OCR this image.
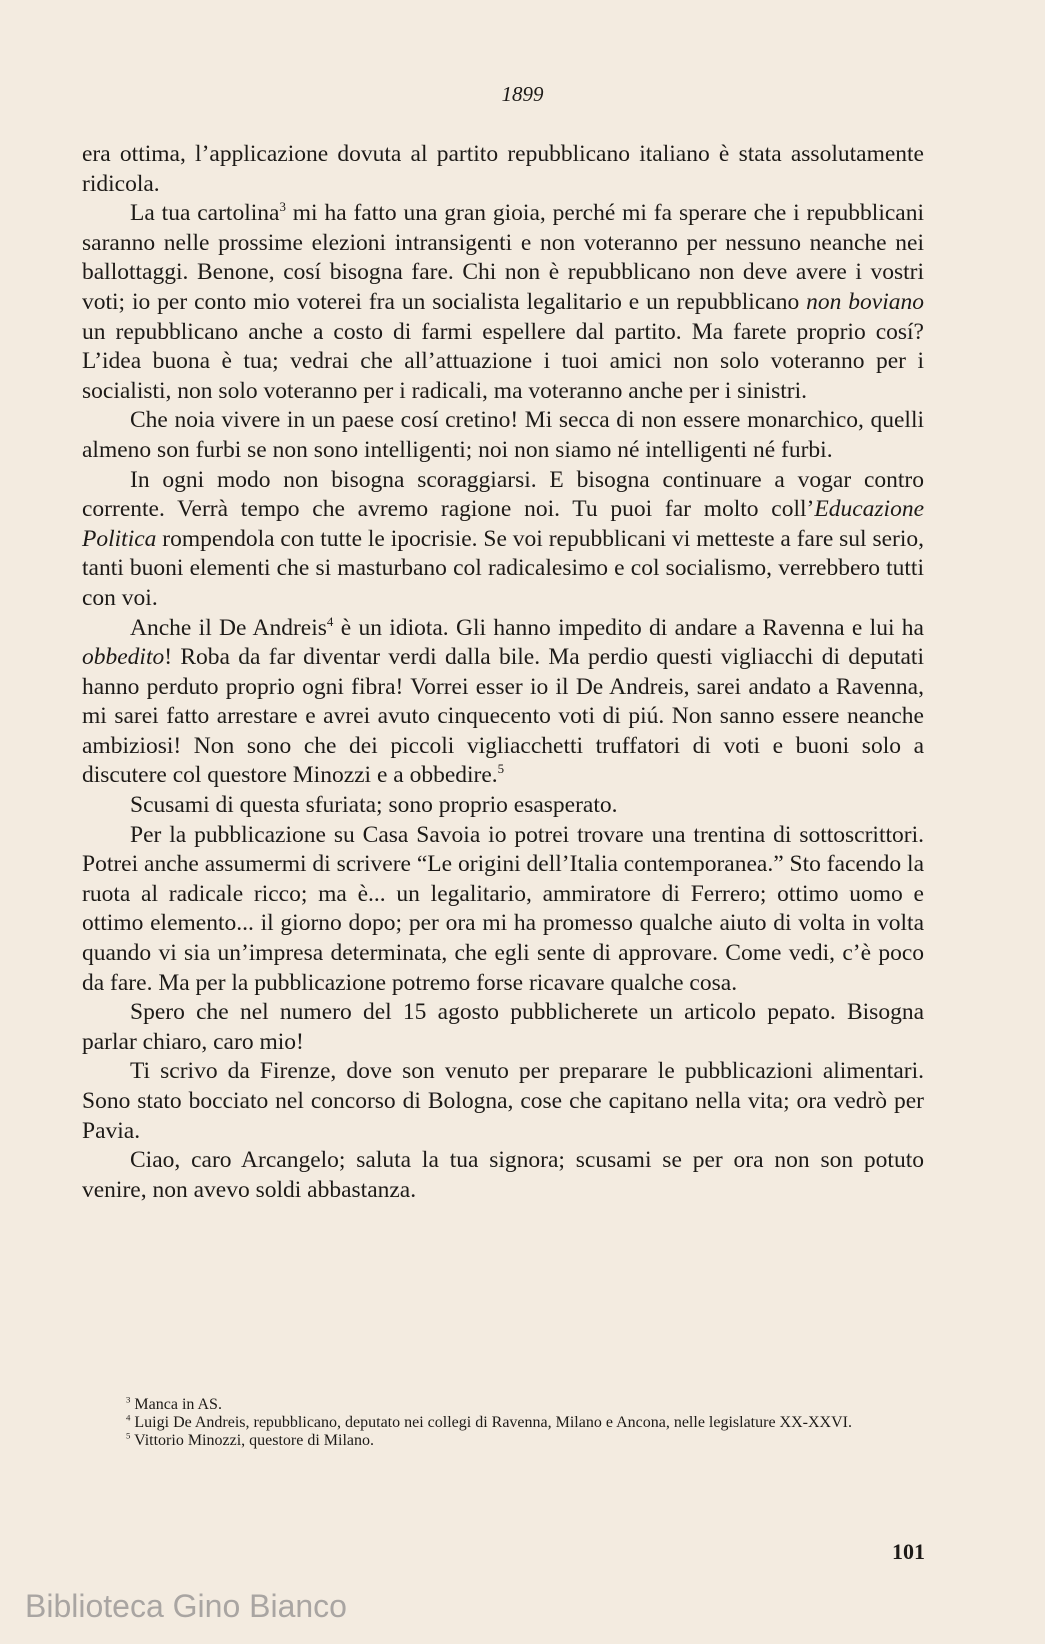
1899

era ottima, l’applicazione dovuta al partito repubblicano italiano è stata assolutamente ridicola.

La tua cartolina$^3$ mi ha fatto una gran gioia, perché mi fa sperare che i repubblicani saranno nelle prossime elezioni intransigenti e non voteranno per nessuno neanche nei ballottaggi. Benone, cosí bisogna fare. Chi non è repubblicano non deve avere i vostri voti; io per conto mio voterei fra un socialista legalitario e un repubblicano non boviano un repubblicano anche a costo di farmi espellere dal partito. Ma farete proprio cosí? L’idea buona è tua; vedrai che all’attuazione i tuoi amici non solo voteranno per i socialisti, non solo voteranno per i radicali, ma voteranno anche per i sinistri.

Che noia vivere in un paese cosí cretino! Mi secca di non essere monarchico, quelli almeno son furbi se non sono intelligenti; noi non siamo né intelligenti né furbi.

In ogni modo non bisogna scoraggiarsi. E bisogna continuare a vogar contro corrente. Verrà tempo che avremo ragione noi. Tu puoi far molto coll’Educazione Politica rompendola con tutte le ipocrisie. Se voi repubblicani vi metteste a fare sul serio, tanti buoni elementi che si masturbano col radicalesimo e col socialismo, verrebbero tutti con voi.

Anche il De Andreis$^4$ è un idiota. Gli hanno impedito di andare a Ravenna e lui ha obbedito! Roba da far diventar verdi dalla bile. Ma perdio questi vigliacchi di deputati hanno perduto proprio ogni fibra! Vorrei esser io il De Andreis, sarei andato a Ravenna, mi sarei fatto arrestare e avrei avuto cinquecento voti di piú. Non sanno essere neanche ambiziosi! Non sono che dei piccoli vigliacchetti truffatori di voti e buoni solo a discutere col questore Minozzi e a obbedire.$^5$

Scusami di questa sfuriata; sono proprio esasperato.

Per la pubblicazione su Casa Savoia io potrei trovare una trentina di sottoscrittori. Potrei anche assumermi di scrivere “Le origini dell’Italia contemporanea.” Sto facendo la ruota al radicale ricco; ma è... un legalitario, ammiratore di Ferrero; ottimo uomo e ottimo elemento... il giorno dopo; per ora mi ha promesso qualche aiuto di volta in volta quando vi sia un’impresa determinata, che egli sente di approvare. Come vedi, c’è poco da fare. Ma per la pubblicazione potremo forse ricavare qualche cosa.

Spero che nel numero del 15 agosto pubblicherete un articolo pepato. Bisogna parlar chiaro, caro mio!

Ti scrivo da Firenze, dove son venuto per preparare le pubblicazioni alimentari. Sono stato bocciato nel concorso di Bologna, cose che capitano nella vita; ora vedrò per Pavia.

Ciao, caro Arcangelo; saluta la tua signora; scusami se per ora non son potuto venire, non avevo soldi abbastanza.

$^3$ Manca in AS.

$^4$ Luigi De Andreis, repubblicano, deputato nei collegi di Ravenna, Milano e Ancona, nelle legislature XX-XXVI.

$^5$ Vittorio Minozzi, questore di Milano.

101
Biblioteca Gino Bianco
